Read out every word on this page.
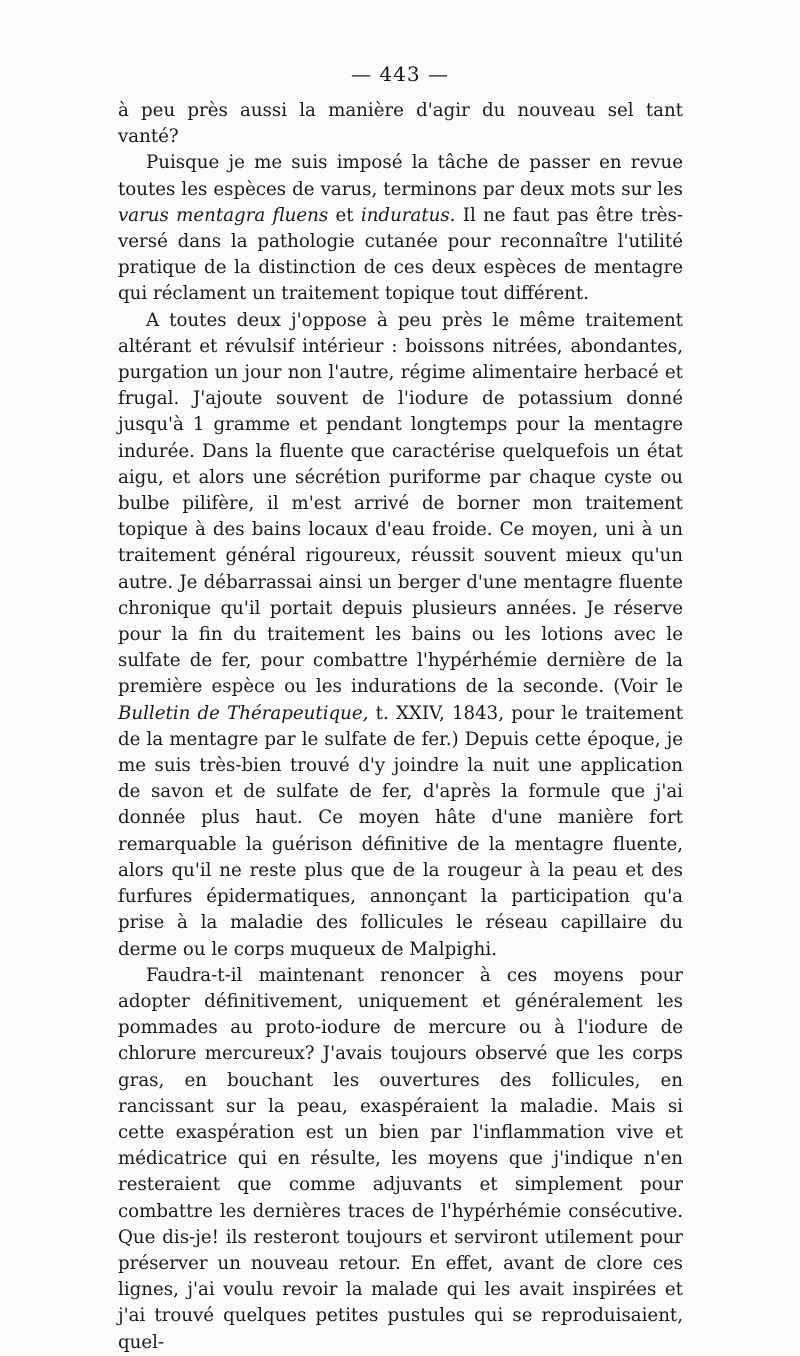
— 443 —

à peu près aussi la manière d'agir du nouveau sel tant vanté?

Puisque je me suis imposé la tâche de passer en revue toutes les espèces de varus, terminons par deux mots sur les varus mentagra fluens et induratus. Il ne faut pas être très-versé dans la pathologie cutanée pour reconnaître l'utilité pratique de la distinction de ces deux espèces de mentagre qui réclament un traitement topique tout différent.

A toutes deux j'oppose à peu près le même traitement altérant et révulsif intérieur : boissons nitrées, abondantes, purgation un jour non l'autre, régime alimentaire herbacé et frugal. J'ajoute souvent de l'iodure de potassium donné jusqu'à 1 gramme et pendant longtemps pour la mentagre indurée. Dans la fluente que caractérise quelquefois un état aigu, et alors une sécrétion puriforme par chaque cyste ou bulbe pilifère, il m'est arrivé de borner mon traitement topique à des bains locaux d'eau froide. Ce moyen, uni à un traitement général rigoureux, réussit souvent mieux qu'un autre. Je débarrassai ainsi un berger d'une mentagre fluente chronique qu'il portait depuis plusieurs années. Je réserve pour la fin du traitement les bains ou les lotions avec le sulfate de fer, pour combattre l'hypérhémie dernière de la première espèce ou les indurations de la seconde. (Voir le Bulletin de Thérapeutique, t. XXIV, 1843, pour le traitement de la mentagre par le sulfate de fer.) Depuis cette époque, je me suis très-bien trouvé d'y joindre la nuit une application de savon et de sulfate de fer, d'après la formule que j'ai donnée plus haut. Ce moyen hâte d'une manière fort remarquable la guérison définitive de la mentagre fluente, alors qu'il ne reste plus que de la rougeur à la peau et des furfures épidermatiques, annonçant la participation qu'a prise à la maladie des follicules le réseau capillaire du derme ou le corps muqueux de Malpighi.

Faudra-t-il maintenant renoncer à ces moyens pour adopter définitivement, uniquement et généralement les pommades au proto-iodure de mercure ou à l'iodure de chlorure mercureux? J'avais toujours observé que les corps gras, en bouchant les ouvertures des follicules, en rancissant sur la peau, exaspéraient la maladie. Mais si cette exaspération est un bien par l'inflammation vive et médicatrice qui en résulte, les moyens que j'indique n'en resteraient que comme adjuvants et simplement pour combattre les dernières traces de l'hypérhémie consécutive. Que dis-je! ils resteront toujours et serviront utilement pour préserver un nouveau retour. En effet, avant de clore ces lignes, j'ai voulu revoir la malade qui les avait inspirées et j'ai trouvé quelques petites pustules qui se reproduisaient, quel-
